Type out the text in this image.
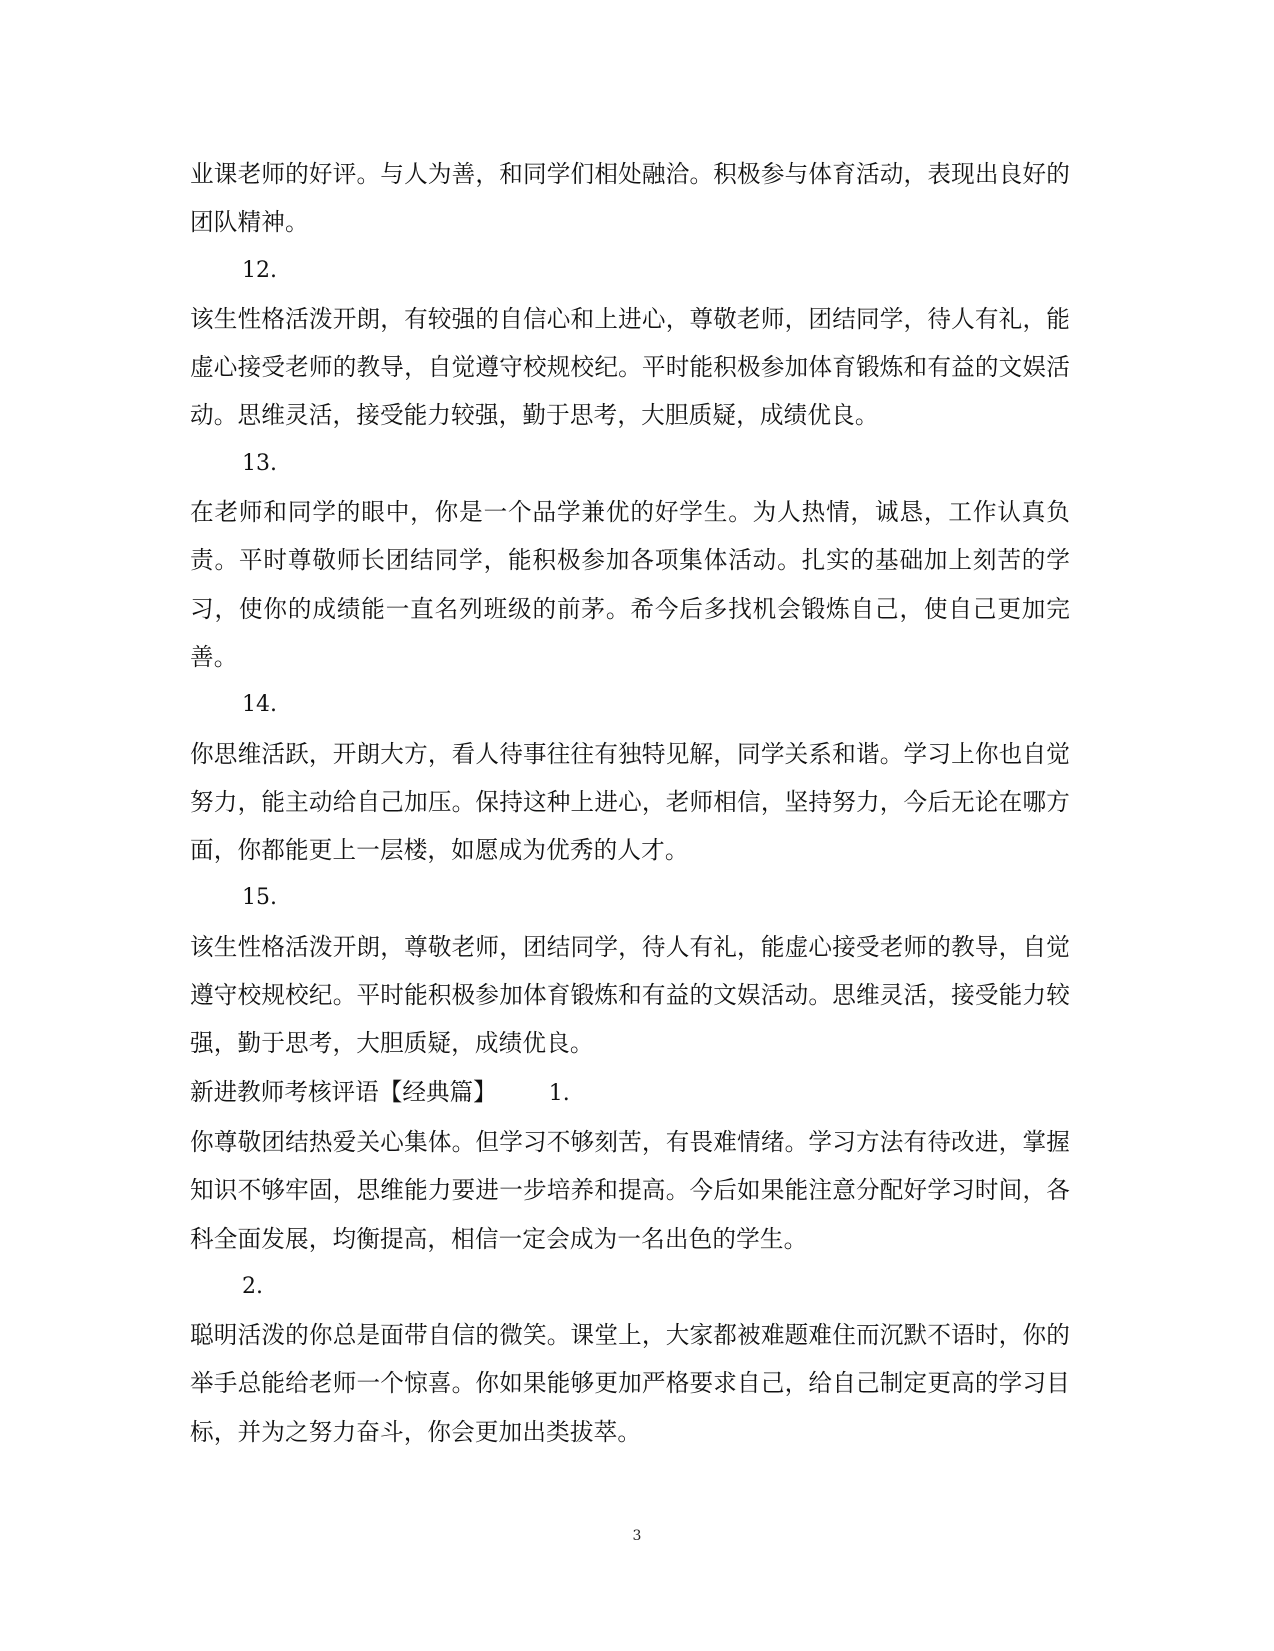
业课老师的好评。与人为善，和同学们相处融洽。积极参与体育活动，表现出良好的团队精神。

12.

该生性格活泼开朗，有较强的自信心和上进心，尊敬老师，团结同学，待人有礼，能虚心接受老师的教导，自觉遵守校规校纪。平时能积极参加体育锻炼和有益的文娱活动。思维灵活，接受能力较强，勤于思考，大胆质疑，成绩优良。

13.

在老师和同学的眼中，你是一个品学兼优的好学生。为人热情，诚恳，工作认真负责。平时尊敬师长团结同学，能积极参加各项集体活动。扎实的基础加上刻苦的学习，使你的成绩能一直名列班级的前茅。希今后多找机会锻炼自己，使自己更加完善。

14.

你思维活跃，开朗大方，看人待事往往有独特见解，同学关系和谐。学习上你也自觉努力，能主动给自己加压。保持这种上进心，老师相信，坚持努力，今后无论在哪方面，你都能更上一层楼，如愿成为优秀的人才。

15.

该生性格活泼开朗，尊敬老师，团结同学，待人有礼，能虚心接受老师的教导，自觉遵守校规校纪。平时能积极参加体育锻炼和有益的文娱活动。思维灵活，接受能力较强，勤于思考，大胆质疑，成绩优良。

新进教师考核评语【经典篇】 1.

你尊敬团结热爱关心集体。但学习不够刻苦，有畏难情绪。学习方法有待改进，掌握知识不够牢固，思维能力要进一步培养和提高。今后如果能注意分配好学习时间，各科全面发展，均衡提高，相信一定会成为一名出色的学生。

2.

聪明活泼的你总是面带自信的微笑。课堂上，大家都被难题难住而沉默不语时，你的举手总能给老师一个惊喜。你如果能够更加严格要求自己，给自己制定更高的学习目标，并为之努力奋斗，你会更加出类拔萃。

3
